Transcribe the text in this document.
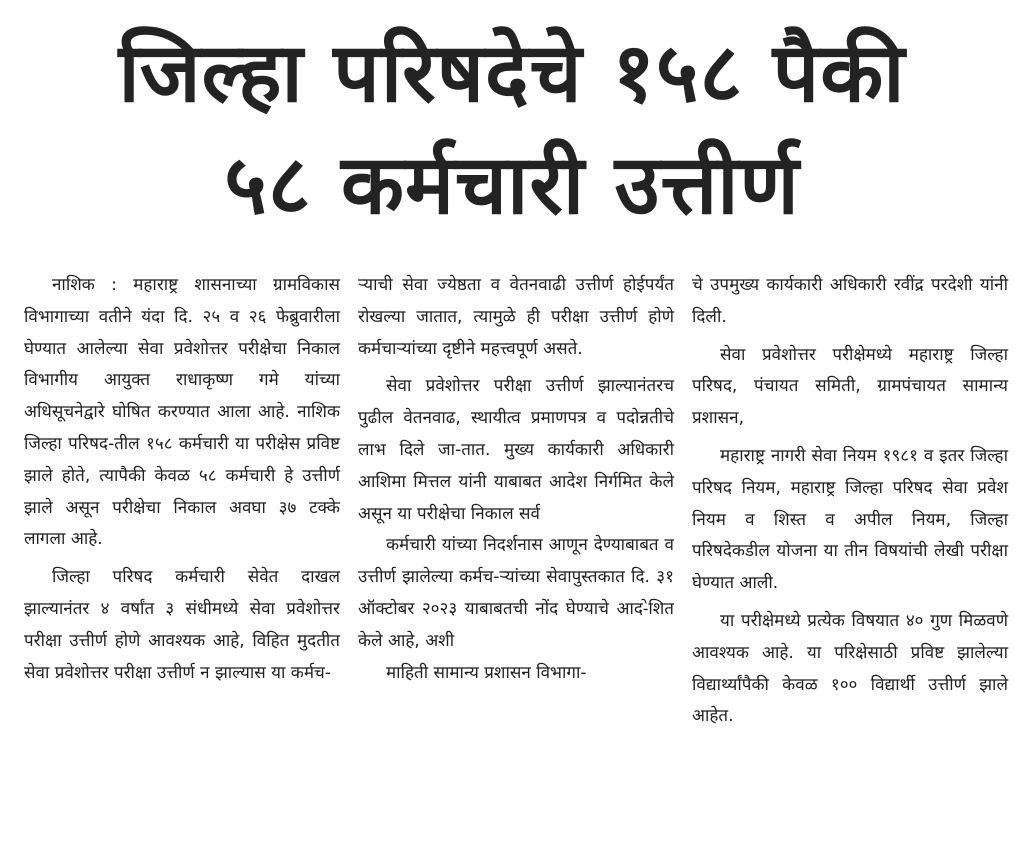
जिल्हा परिषदेचे १५८ पैकी
५८ कर्मचारी उत्तीर्ण

नाशिक : महाराष्ट्र शासनाच्या ग्रामविकास विभागाच्या वतीने यंदा दि. २५ व २६ फेब्रुवारीला घेण्यात आलेल्या सेवा प्रवेशोत्तर परीक्षेचा निकाल विभागीय आयुक्त राधाकृष्ण गमे यांच्या अधिसूचनेद्वारे घोषित करण्यात आला आहे. नाशिक जिल्हा परिषद-तील १५८ कर्मचारी या परीक्षेस प्रविष्ट झाले होते, त्यापैकी केवळ ५८ कर्मचारी हे उत्तीर्ण झाले असून परीक्षेचा निकाल अवघा ३७ टक्के लागला आहे.

जिल्हा परिषद कर्मचारी सेवेत दाखल झाल्यानंतर ४ वर्षांत ३ संधीमध्ये सेवा प्रवेशोत्तर परीक्षा उत्तीर्ण होणे आवश्यक आहे, विहित मुदतीत सेवा प्रवेशोत्तर परीक्षा उत्तीर्ण न झाल्यास या कर्मच-

ऱ्याची सेवा ज्येष्ठता व वेतनवाढी उत्तीर्ण होईपर्यंत रोखल्या जातात, त्यामुळे ही परीक्षा उत्तीर्ण होणे कर्मचाऱ्यांच्या दृष्टीने महत्त्वपूर्ण असते.

सेवा प्रवेशोत्तर परीक्षा उत्तीर्ण झाल्यानंतरच पुढील वेतनवाढ, स्थायीत्व प्रमाणपत्र व पदोन्नतीचे लाभ दिले जा-तात. मुख्य कार्यकारी अधिकारी आशिमा मित्तल यांनी याबाबत आदेश निर्गमित केले असून या परीक्षेचा निकाल सर्व

कर्मचारी यांच्या निदर्शनास आणून देण्याबाबत व उत्तीर्ण झालेल्या कर्मच-ऱ्यांच्या सेवापुस्तकात दि. ३१ ऑक्टोबर २०२३ याबाबतची नोंद घेण्याचे आद-ेशित केले आहे, अशी

माहिती सामान्य प्रशासन विभागा-

चे उपमुख्य कार्यकारी अधिकारी रवींद्र परदेशी यांनी दिली.

सेवा प्रवेशोत्तर परीक्षेमध्ये महाराष्ट्र जिल्हा परिषद, पंचायत समिती, ग्रामपंचायत सामान्य प्रशासन,

महाराष्ट्र नागरी सेवा नियम १९८१ व इतर जिल्हा परिषद नियम, महाराष्ट्र जिल्हा परिषद सेवा प्रवेश नियम व शिस्त व अपील नियम, जिल्हा परिषदेकडील योजना या तीन विषयांची लेखी परीक्षा घेण्यात आली.

या परीक्षेमध्ये प्रत्येक विषयात ४० गुण मिळवणे आवश्यक आहे. या परिक्षेसाठी प्रविष्ट झालेल्या विद्यार्थ्यांपैकी केवळ १०० विद्यार्थी उत्तीर्ण झाले आहेत.
